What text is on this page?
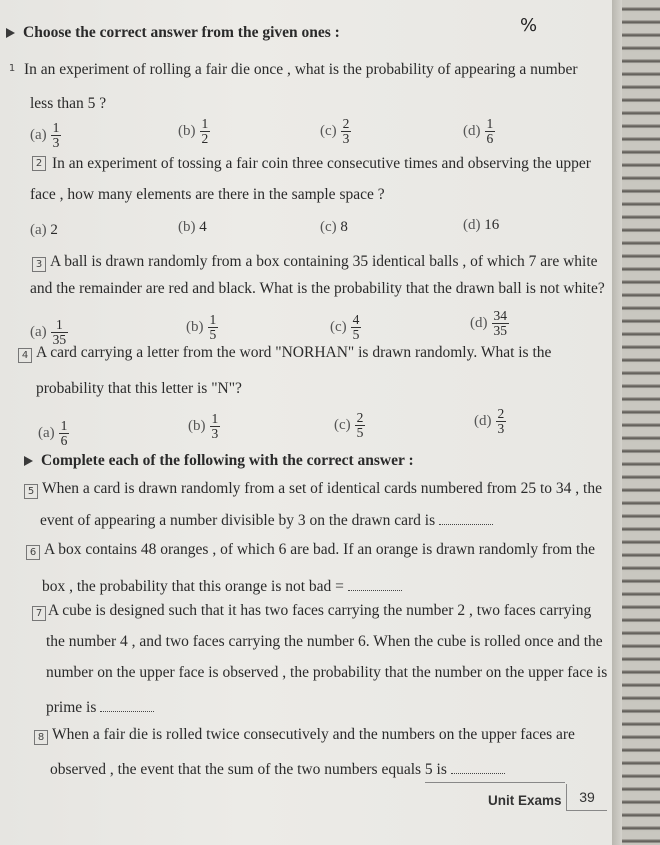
Choose the correct answer from the given ones :	%
1 In an experiment of rolling a fair die once , what is the probability of appearing a number
less than 5 ?
$(a) \frac{1}{3}$	$(b) \frac{1}{2}$	$(c) \frac{2}{3}$	$(d) \frac{1}{6}$
2 In an experiment of tossing a fair coin three consecutive times and observing the upper
face , how many elements are there in the sample space ?
(a) 2	(b) 4	(c) 8	(d) 16
3 A ball is drawn randomly from a box containing 35 identical balls , of which 7 are white
and the remainder are red and black. What is the probability that the drawn ball is not white?
$(a) \frac{1}{35}$	$(b) \frac{1}{5}$	$(c) \frac{4}{5}$	$(d) \frac{34}{35}$
4 A card carrying a letter from the word "NORHAN" is drawn randomly. What is the
probability that this letter is "N"?
$(a) \frac{1}{6}$	$(b) \frac{1}{3}$	$(c) \frac{2}{5}$	$(d) \frac{2}{3}$
Complete each of the following with the correct answer :
5 When a card is drawn randomly from a set of identical cards numbered from 25 to 34 , the
event of appearing a number divisible by 3 on the drawn card is
6 A box contains 48 oranges , of which 6 are bad. If an orange is drawn randomly from the
box , the probability that this orange is not bad =
7 A cube is designed such that it has two faces carrying the number 2 , two faces carrying
the number 4 , and two faces carrying the number 6. When the cube is rolled once and the
number on the upper face is observed , the probability that the number on the upper face is
prime is
8 When a fair die is rolled twice consecutively and the numbers on the upper faces are
observed , the event that the sum of the two numbers equals 5 is
Unit Exams	39
